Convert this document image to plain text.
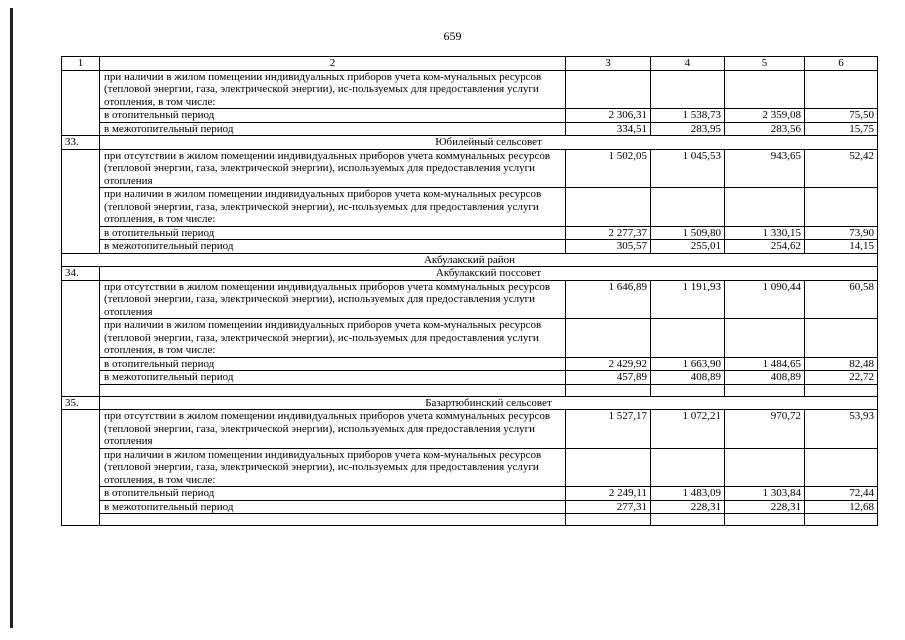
659
1	2	3	4	5	6
	при наличии в жилом помещении индивидуальных приборов учета ком-мунальных ресурсов (тепловой энергии, газа, электрической энергии), ис-пользуемых для предоставления услуги отопления, в том числе:				
	в отопительный период	2 306,31	1 538,73	2 359,08	75,50
	в межотопительный период	334,51	283,95	283,56	15,75
33.	Юбилейный сельсовет				
	при отсутствии в жилом помещении индивидуальных приборов учета коммунальных ресурсов (тепловой энергии, газа, электрической энергии), используемых для предоставления услуги отопления	1 502,05	1 045,53	943,65	52,42
	при наличии в жилом помещении индивидуальных приборов учета ком-мунальных ресурсов (тепловой энергии, газа, электрической энергии), ис-пользуемых для предоставления услуги отопления, в том числе:				
	в отопительный период	2 277,37	1 509,80	1 330,15	73,90
	в межотопительный период	305,57	255,01	254,62	14,15
Акбулакский район					
34.	Акбулакский поссовет				
	при отсутствии в жилом помещении индивидуальных приборов учета коммунальных ресурсов (тепловой энергии, газа, электрической энергии), используемых для предоставления услуги отопления	1 646,89	1 191,93	1 090,44	60,58
	при наличии в жилом помещении индивидуальных приборов учета ком-мунальных ресурсов (тепловой энергии, газа, электрической энергии), ис-пользуемых для предоставления услуги отопления, в том числе:				
	в отопительный период	2 429,92	1 663,90	1 484,65	82,48
	в межотопительный период	457,89	408,89	408,89	22,72

35.	Базартюбинский сельсовет				
	при отсутствии в жилом помещении индивидуальных приборов учета коммунальных ресурсов (тепловой энергии, газа, электрической энергии), используемых для предоставления услуги отопления	1 527,17	1 072,21	970,72	53,93
	при наличии в жилом помещении индивидуальных приборов учета ком-мунальных ресурсов (тепловой энергии, газа, электрической энергии), ис-пользуемых для предоставления услуги отопления, в том числе:				
	в отопительный период	2 249,11	1 483,09	1 303,84	72,44
	в межотопительный период	277,31	228,31	228,31	12,68
